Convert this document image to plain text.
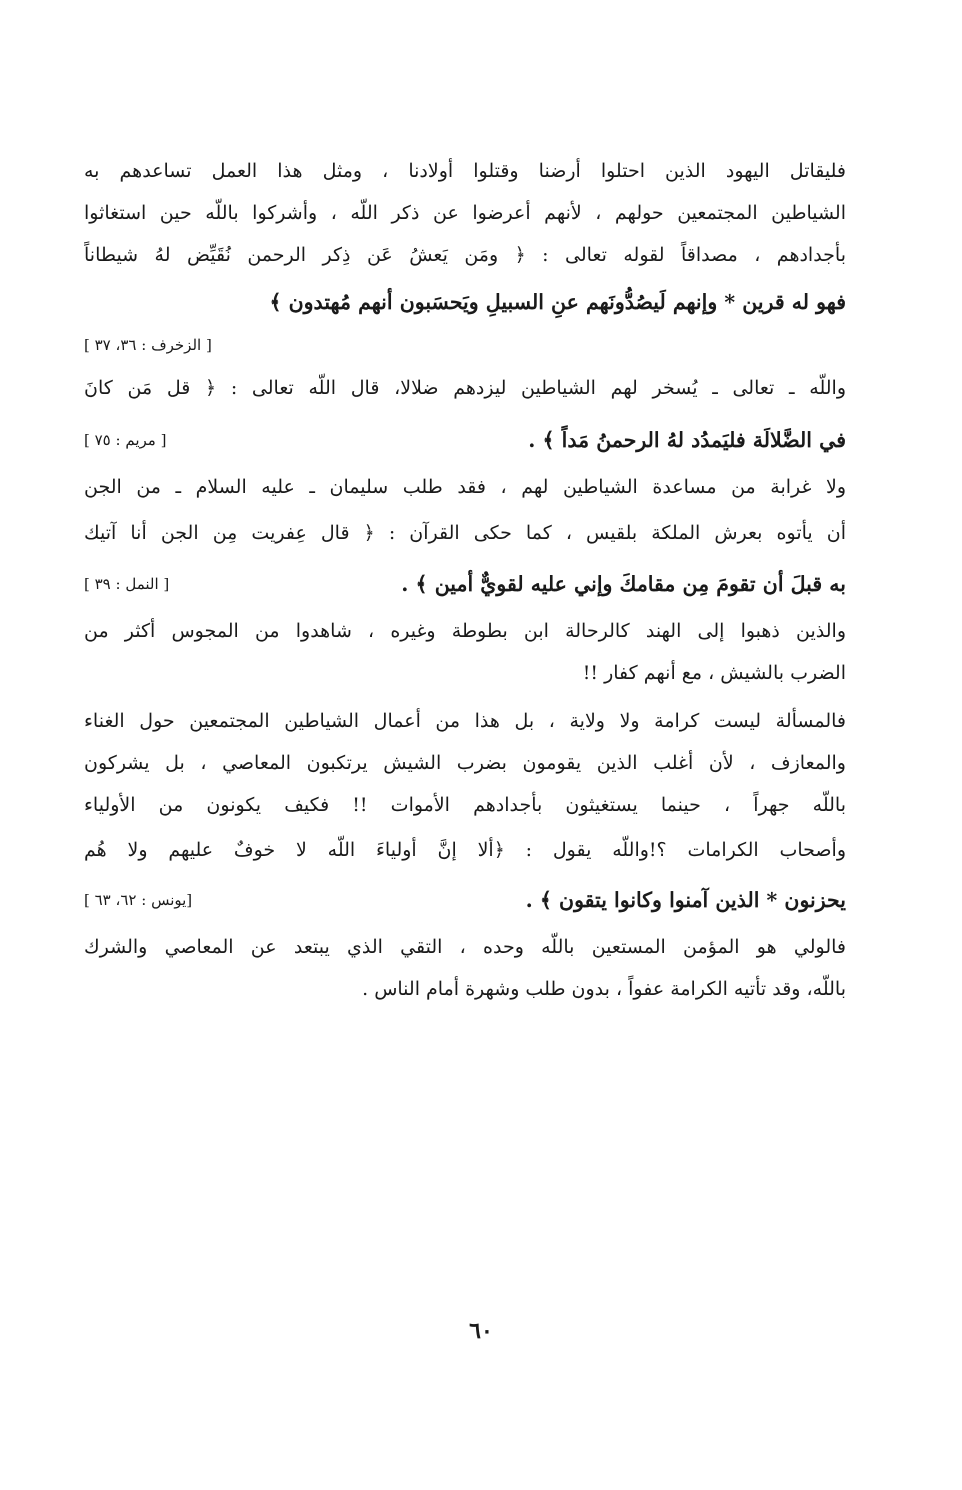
فليقاتل اليهود الذين احتلوا أرضنا وقتلوا أولادنا ، ومثل هذا العمل تساعدهم به
الشياطين المجتمعين حولهم ، لأنهم أعرضوا عن ذكر اللّه ، وأشركوا باللّه حين استغاثوا
بأجدادهم ، مصداقاً لقوله تعالى : ﴿ ومَن يَعشُ عَن ذِكر الرحمن نُقَيِّض لهُ شيطاناً
فهو له قرين * وإنهم لَيصُدُّونَهم عنِ السبيلِ ويَحسَبون أنهم مُهتدون ﴾
[ الزخرف : ٣٦، ٣٧ ]
واللّه ـ تعالى ـ يُسخر لهم الشياطين ليزدهم ضلالا، قال اللّه تعالى : ﴿ قل مَن كانَ
في الضَّلالَة فليَمدُد لهُ الرحمنُ مَداً ﴾ .
[ مريم : ٧٥ ]
ولا غرابة من مساعدة الشياطين لهم ، فقد طلب سليمان ـ عليه السلام ـ من الجن
أن يأتوه بعرش الملكة بلقيس ، كما حكى القرآن : ﴿ قال عِفريت مِن الجن أنا آتيك
به قبلَ أن تقومَ مِن مقامكَ وإني عليه لقويٌّ أمين ﴾ .
[ النمل : ٣٩ ]
والذين ذهبوا إلى الهند كالرحالة ابن بطوطة وغيره ، شاهدوا من المجوس أكثر من
الضرب بالشيش ، مع أنهم كفار !!
فالمسألة ليست كرامة ولا ولاية ، بل هذا من أعمال الشياطين المجتمعين حول الغناء
والمعازف ، لأن أغلب الذين يقومون بضرب الشيش يرتكبون المعاصي ، بل يشركون
باللّه جهراً ، حينما يستغيثون بأجدادهم الأموات !! فكيف يكونون من الأولياء
وأصحاب الكرامات ؟!واللّه يقول : ﴿ألا إنَّ أولياءَ اللّه لا خوفٌ عليهم ولا هُم
يحزنون * الذين آمنوا وكانوا يتقون ﴾ .
[يونس : ٦٢، ٦٣ ]
فالولي هو المؤمن المستعين باللّه وحده ، التقي الذي يبتعد عن المعاصي والشرك
باللّه، وقد تأتيه الكرامة عفواً ، بدون طلب وشهرة أمام الناس .
٦٠
